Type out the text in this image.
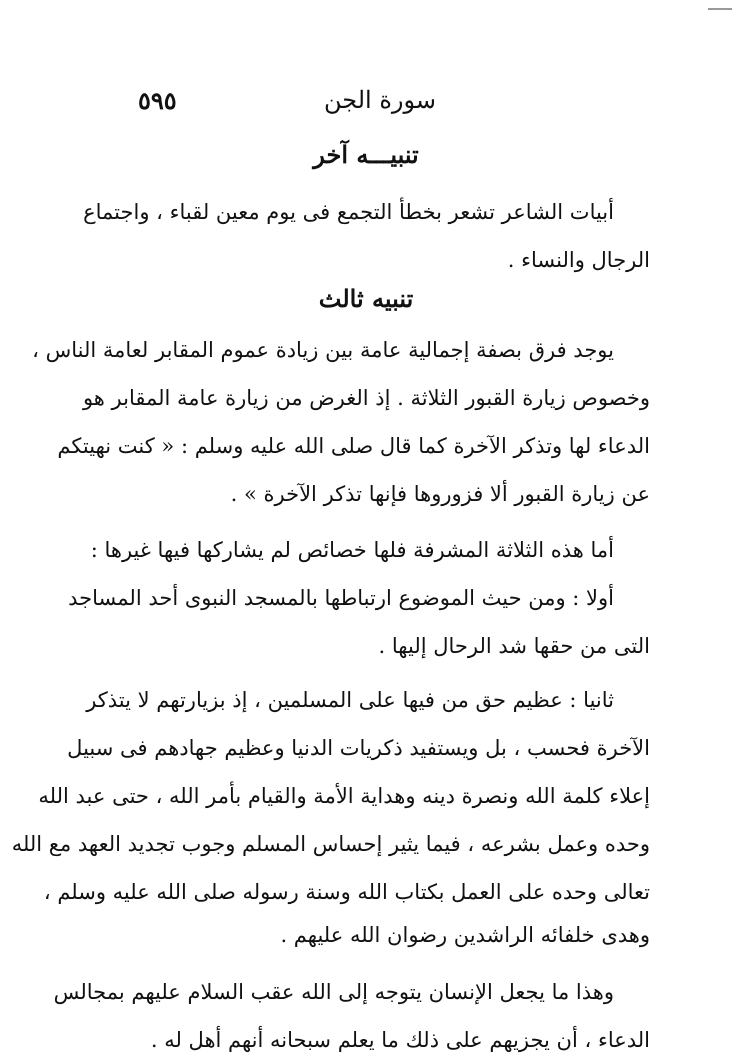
٥٩٥	سورة الجن
تنبيـــه آخر
أبيات الشاعر تشعر بخطأ التجمع فى يوم معين لقباء ، واجتماع
الرجال والنساء .
تنبيه ثالث
يوجد فرق بصفة إجمالية عامة بين زيادة عموم المقابر لعامة الناس ،
وخصوص زيارة القبور الثلاثة . إذ الغرض من زيارة عامة المقابر هو
الدعاء لها وتذكر الآخرة كما قال صلى الله عليه وسلم : « كنت نهيتكم
عن زيارة القبور ألا فزوروها فإنها تذكر الآخرة » .
أما هذه الثلاثة المشرفة فلها خصائص لم يشاركها فيها غيرها :
أولا : ومن حيث الموضوع ارتباطها بالمسجد النبوى أحد المساجد
التى من حقها شد الرحال إليها .
ثانيا : عظيم حق من فيها على المسلمين ، إذ بزيارتهم لا يتذكر
الآخرة فحسب ، بل ويستفيد ذكريات الدنيا وعظيم جهادهم فى سبيل
إعلاء كلمة الله ونصرة دينه وهداية الأمة والقيام بأمر الله ، حتى عبد الله
وحده وعمل بشرعه ، فيما يثير إحساس المسلم وجوب تجديد العهد مع الله
تعالى وحده على العمل بكتاب الله وسنة رسوله صلى الله عليه وسلم ،
وهدى خلفائه الراشدين رضوان الله عليهم .
وهذا ما يجعل الإنسان يتوجه إلى الله عقب السلام عليهم بمجالس
الدعاء ، أن يجزيهم على ذلك ما يعلم سبحانه أنهم أهل له .
